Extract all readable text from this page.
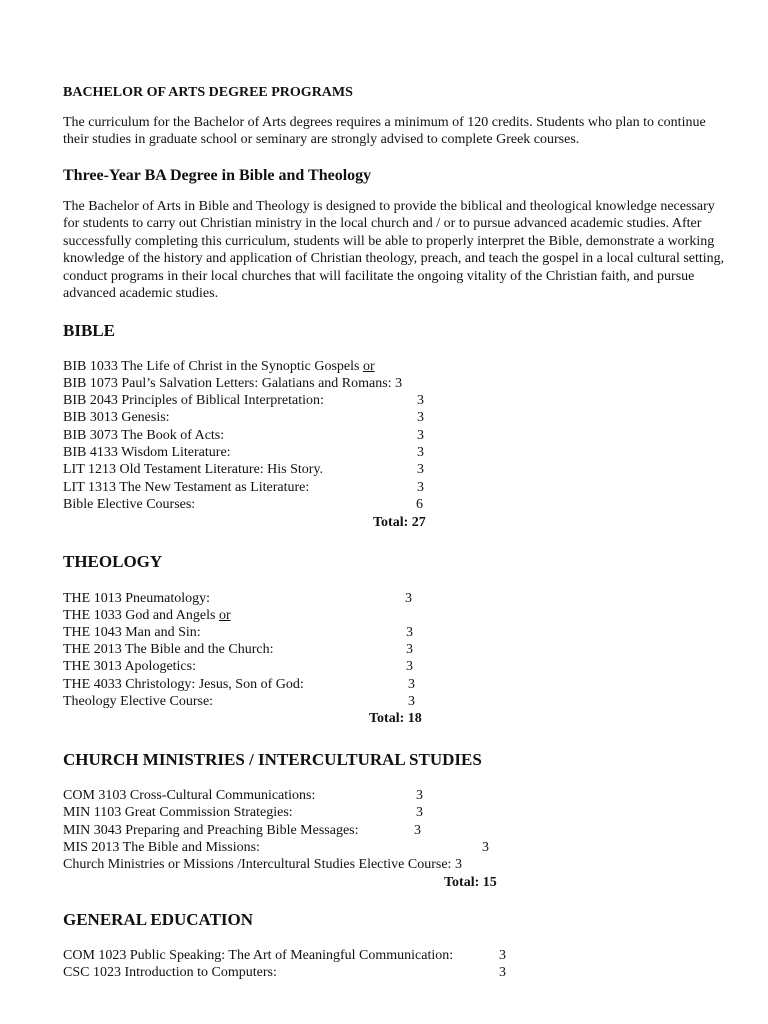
BACHELOR OF ARTS DEGREE PROGRAMS
The curriculum for the Bachelor of Arts degrees requires a minimum of 120 credits. Students who plan to continue their studies in graduate school or seminary are strongly advised to complete Greek courses.
Three-Year BA Degree in Bible and Theology
The Bachelor of Arts in Bible and Theology is designed to provide the biblical and theological knowledge necessary for students to carry out Christian ministry in the local church and / or to pursue advanced academic studies. After successfully completing this curriculum, students will be able to properly interpret the Bible, demonstrate a working knowledge of the history and application of Christian theology, preach, and teach the gospel in a local cultural setting, conduct programs in their local churches that will facilitate the ongoing vitality of the Christian faith, and pursue advanced academic studies.
BIBLE
BIB 1033 The Life of Christ in the Synoptic Gospels or
BIB 1073 Paul’s Salvation Letters: Galatians and Romans: 3
BIB 2043 Principles of Biblical Interpretation:	3
BIB 3013 Genesis:	3
BIB 3073 The Book of Acts:	3
BIB 4133 Wisdom Literature:	3
LIT 1213 Old Testament Literature: His Story.	3
LIT 1313 The New Testament as Literature:	3
Bible Elective Courses:	6
Total: 27
THEOLOGY
THE 1013 Pneumatology:	3
THE 1033 God and Angels or
THE 1043 Man and Sin:	3
THE 2013 The Bible and the Church:	3
THE 3013 Apologetics:	3
THE 4033 Christology: Jesus, Son of God:	3
Theology Elective Course:	3
Total: 18
CHURCH MINISTRIES / INTERCULTURAL STUDIES
COM 3103 Cross-Cultural Communications:	3
MIN 1103 Great Commission Strategies:	3
MIN 3043 Preparing and Preaching Bible Messages:	3
MIS 2013 The Bible and Missions:	3
Church Ministries or Missions /Intercultural Studies Elective Course: 3
Total: 15
GENERAL EDUCATION
COM 1023 Public Speaking: The Art of Meaningful Communication:	3
CSC 1023 Introduction to Computers:	3
